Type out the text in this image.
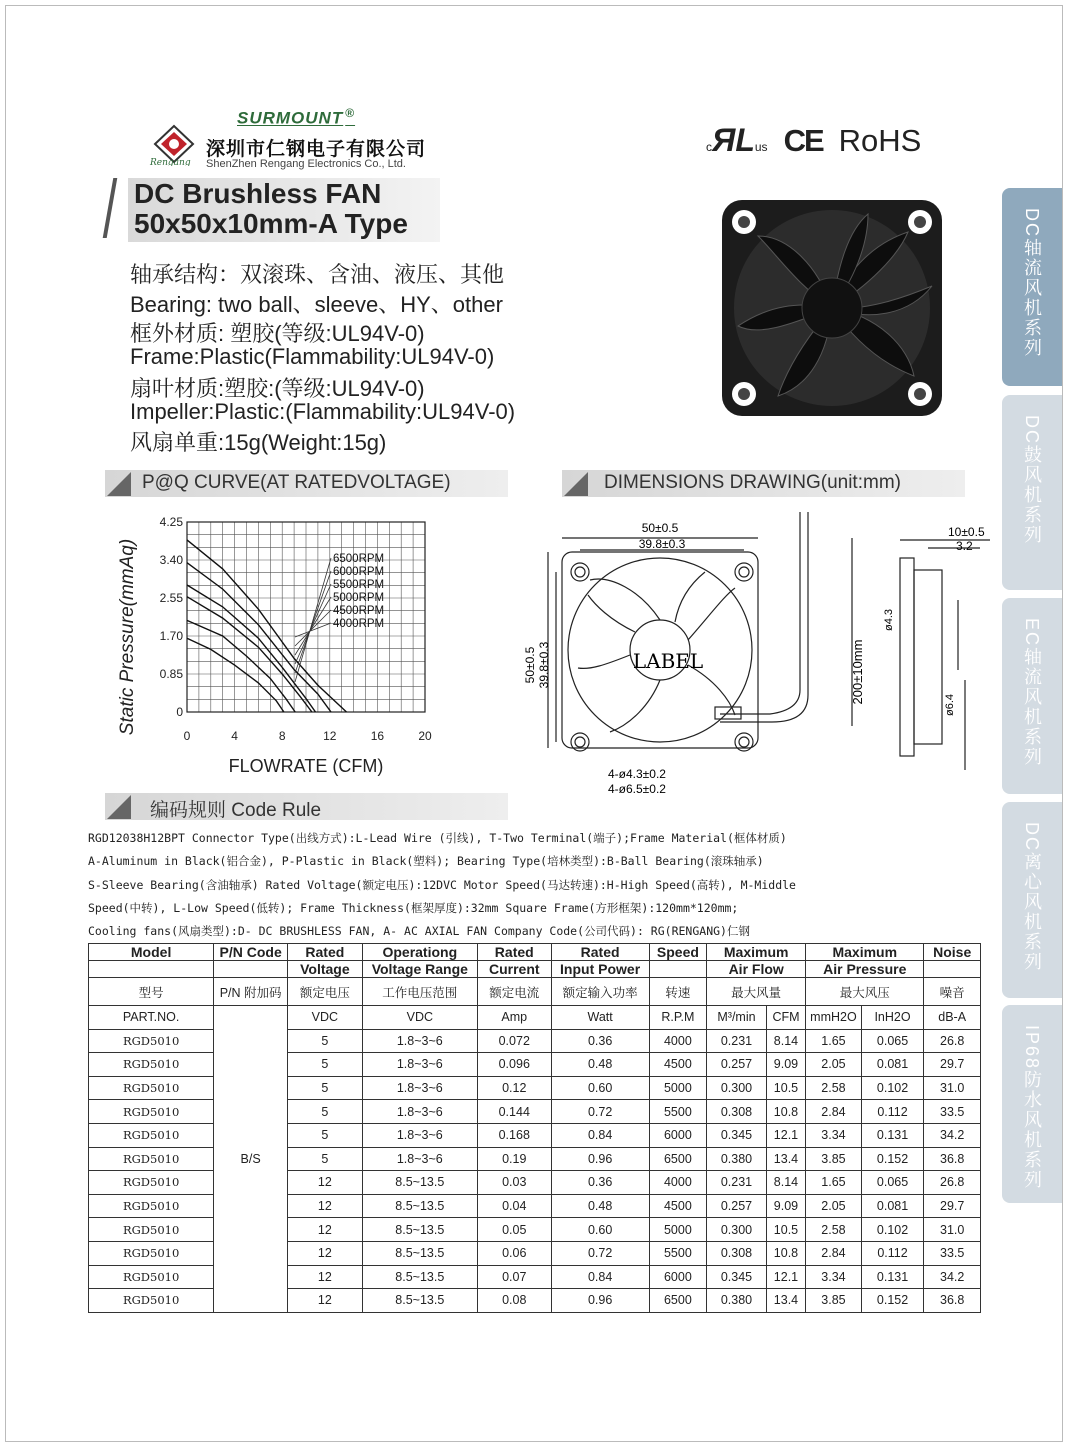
SURMOUNT ®
Rengang
深圳市仁钢电子有限公司
ShenZhen Rengang Electronics Co., Ltd.
cЯLus CE RoHS
DC Brushless FAN
50x50x10mm-A Type
轴承结构：双滚珠、含油、液压、其他
Bearing: two ball、sleeve、HY、other
框外材质: 塑胶(等级:UL94V-0)
Frame:Plastic(Flammability:UL94V-0)
扇叶材质:塑胶:(等级:UL94V-0)
Impeller:Plastic:(Flammability:UL94V-0)
风扇单重:15g(Weight:15g)
DC轴流风机系列
DC鼓风机系列
EC轴流风机系列
DC离心风机系列
IP68防水风机系列
P@Q CURVE(AT RATEDVOLTAGE)	DIMENSIONS DRAWING(unit:mm)
编码规则 Code Rule
0	4	8	12	16	20
0
0.85
1.70
2.55
3.40
4.25
FLOWRATE (CFM)
Static Pressure(mmAq)	6500RPM
6000RPM
5500RPM
5000RPM
4500RPM
4000RPM
50±0.5
39.8±0.3
50±0.5 39.8±0.3	LABEL
4-ø4.3±0.2
4-ø6.5±0.2
200±10mm
10±0.5
3.2
ø4.3
ø6.4
RGD12038H12BPT Connector Type(出线方式):L-Lead Wire (引线), T-Two Terminal(端子);Frame Material(框体材质)
A-Aluminum in Black(铝合金), P-Plastic in Black(塑料); Bearing Type(培林类型):B-Ball Bearing(滚珠轴承)
S-Sleeve Bearing(含油轴承) Rated Voltage(额定电压):12DVC Motor Speed(马达转速):H-High Speed(高转), M-Middle
Speed(中转), L-Low Speed(低转); Frame Thickness(框架厚度):32mm Square Frame(方形框架):120mm*120mm;
Cooling fans(风扇类型):D- DC BRUSHLESS FAN, A- AC AXIAL FAN Company Code(公司代码): RG(RENGANG)仁钢
Model	P/N Code	Rated	Operationg	Rated	Rated	Speed	Maximum		Maximum		Noise
		Voltage	Voltage Range	Current	Input Power		Air Flow		Air Pressure		
型号	P/N 附加码	额定电压	工作电压范围	额定电流	额定输入功率	转速	最大风量		最大风压		噪音
PART.NO.	B/S	VDC	VDC	Amp	Watt	R.P.M	M³/min	CFM	mmH2O	InH2O	dB-A
RGD5010		5	1.8~3~6	0.072	0.36	4000	0.231	8.14	1.65	0.065	26.8
RGD5010		5	1.8~3~6	0.096	0.48	4500	0.257	9.09	2.05	0.081	29.7
RGD5010		5	1.8~3~6	0.12	0.60	5000	0.300	10.5	2.58	0.102	31.0
RGD5010		5	1.8~3~6	0.144	0.72	5500	0.308	10.8	2.84	0.112	33.5
RGD5010		5	1.8~3~6	0.168	0.84	6000	0.345	12.1	3.34	0.131	34.2
RGD5010		5	1.8~3~6	0.19	0.96	6500	0.380	13.4	3.85	0.152	36.8
RGD5010		12	8.5~13.5	0.03	0.36	4000	0.231	8.14	1.65	0.065	26.8
RGD5010		12	8.5~13.5	0.04	0.48	4500	0.257	9.09	2.05	0.081	29.7
RGD5010		12	8.5~13.5	0.05	0.60	5000	0.300	10.5	2.58	0.102	31.0
RGD5010		12	8.5~13.5	0.06	0.72	5500	0.308	10.8	2.84	0.112	33.5
RGD5010		12	8.5~13.5	0.07	0.84	6000	0.345	12.1	3.34	0.131	34.2
RGD5010		12	8.5~13.5	0.08	0.96	6500	0.380	13.4	3.85	0.152	36.8
